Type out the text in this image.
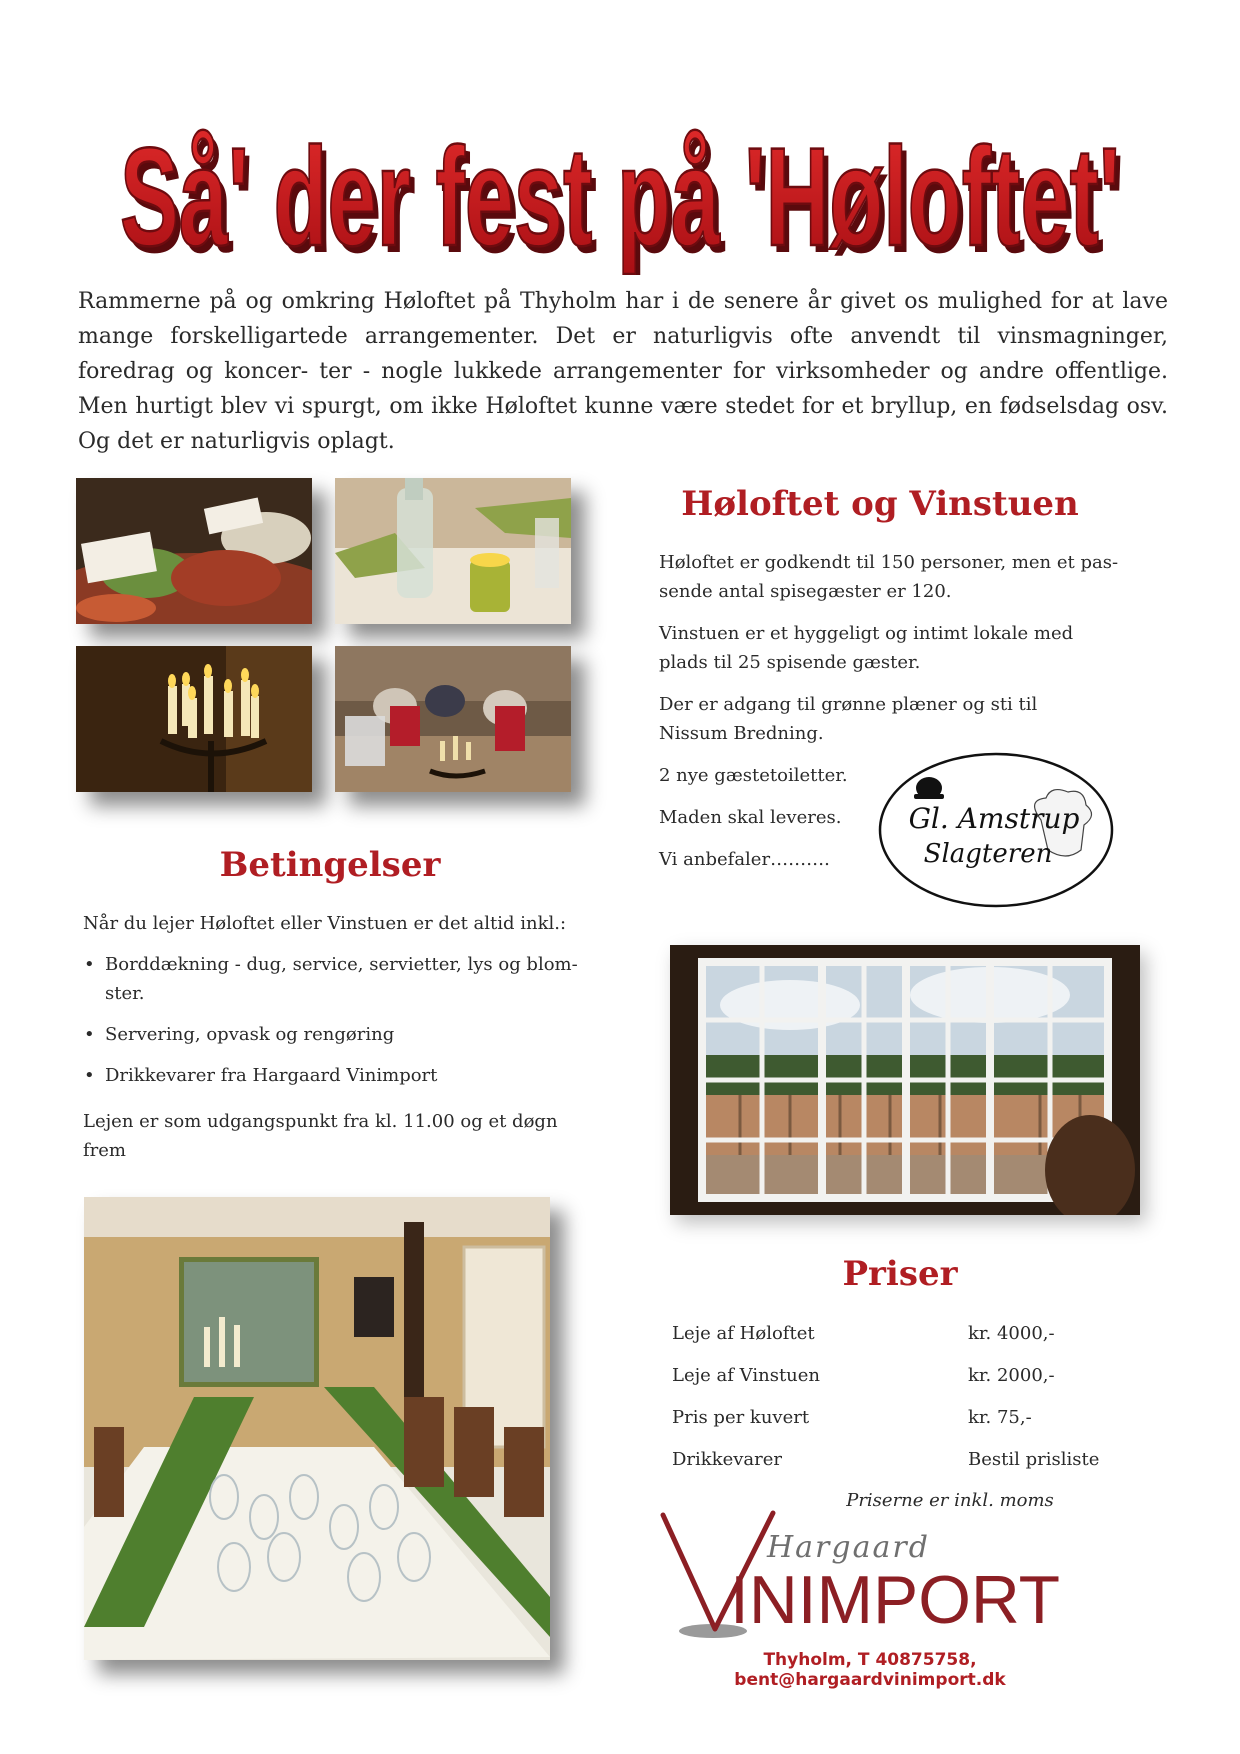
Så' der fest på 'Høloftet'
Så' der fest på 'Høloftet'

Rammerne på og omkring Høloftet på Thyholm har i de senere år givet os mulighed for at lave mange forskelligartede arrangementer. Det er naturligvis ofte anvendt til vinsmagninger, foredrag og koncer- ter - nogle lukkede arrangementer for virksomheder og andre offentlige. Men hurtigt blev vi spurgt, om ikke Høloftet kunne være stedet for et bryllup, en fødselsdag osv. Og det er naturligvis oplagt.

Høloftet og Vinstuen

Høloftet er godkendt til 150 personer, men et pas- sende antal spisegæster er 120.

Vinstuen er et hyggeligt og intimt lokale med plads til 25 spisende gæster.

Der er adgang til grønne plæner og sti til Nissum Bredning.

2 nye gæstetoiletter.

Maden skal leveres.

Vi anbefaler……….

Gl. Amstrup
Slagteren
Betingelser

Når du lejer Høloftet eller Vinstuen er det altid inkl.:

• Borddækning - dug, service, servietter, lys og blom- ster.
• Servering, opvask og rengøring
• Drikkevarer fra Hargaard Vinimport

Lejen er som udgangspunkt fra kl. 11.00 og et døgn frem

Priser
Leje af Høloftet	kr. 4000,-
Leje af Vinstuen	kr. 2000,-
Pris per kuvert	kr. 75,-
Drikkevarer	Bestil prisliste

Priserne er inkl. moms

Hargaard
INIMPORT
Thyholm, T 40875758, bent@hargaardvinimport.dk
